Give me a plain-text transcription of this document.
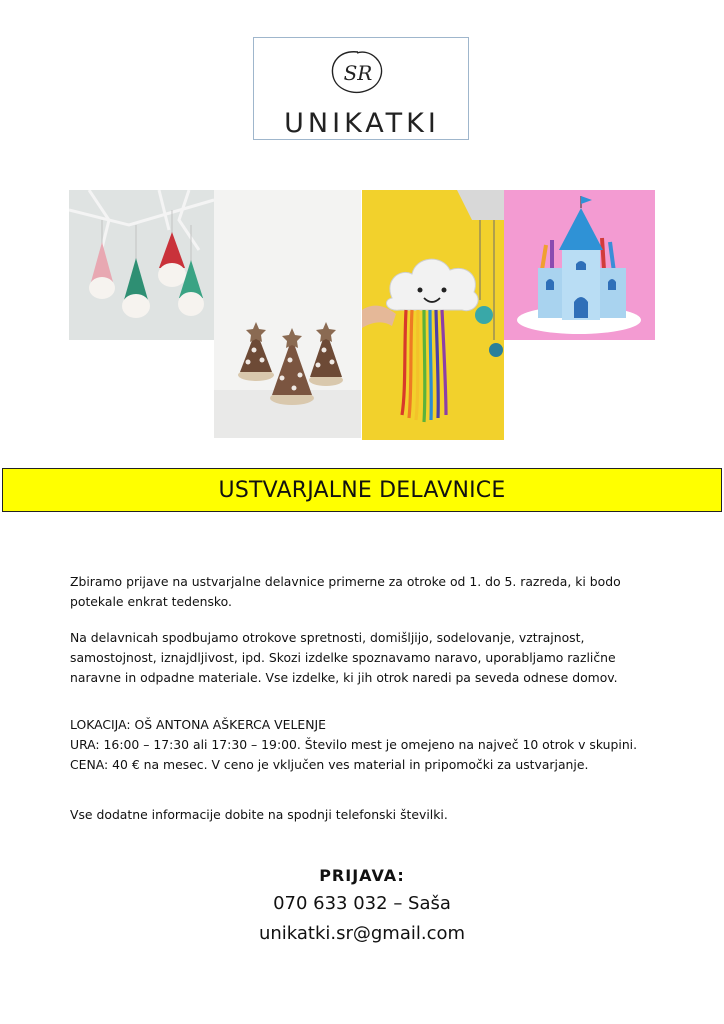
SR
UNIKATKI
USTVARJALNE DELAVNICE

Zbiramo prijave na ustvarjalne delavnice primerne za otroke od 1. do 5. razreda, ki bodo

potekale enkrat tedensko.

Na delavnicah spodbujamo otrokove spretnosti, domišljijo, sodelovanje, vztrajnost,

samostojnost, iznajdljivost, ipd. Skozi izdelke spoznavamo naravo, uporabljamo različne

naravne in odpadne materiale. Vse izdelke, ki jih otrok naredi pa seveda odnese domov.

LOKACIJA: OŠ ANTONA AŠKERCA VELENJE

URA: 16:00 – 17:30 ali 17:30 – 19:00. Število mest je omejeno na največ 10 otrok v skupini.

CENA: 40 € na mesec. V ceno je vključen ves material in pripomočki za ustvarjanje.

Vse dodatne informacije dobite na spodnji telefonski številki.

PRIJAVA:
070 633 032 – Saša
unikatki.sr@gmail.com
